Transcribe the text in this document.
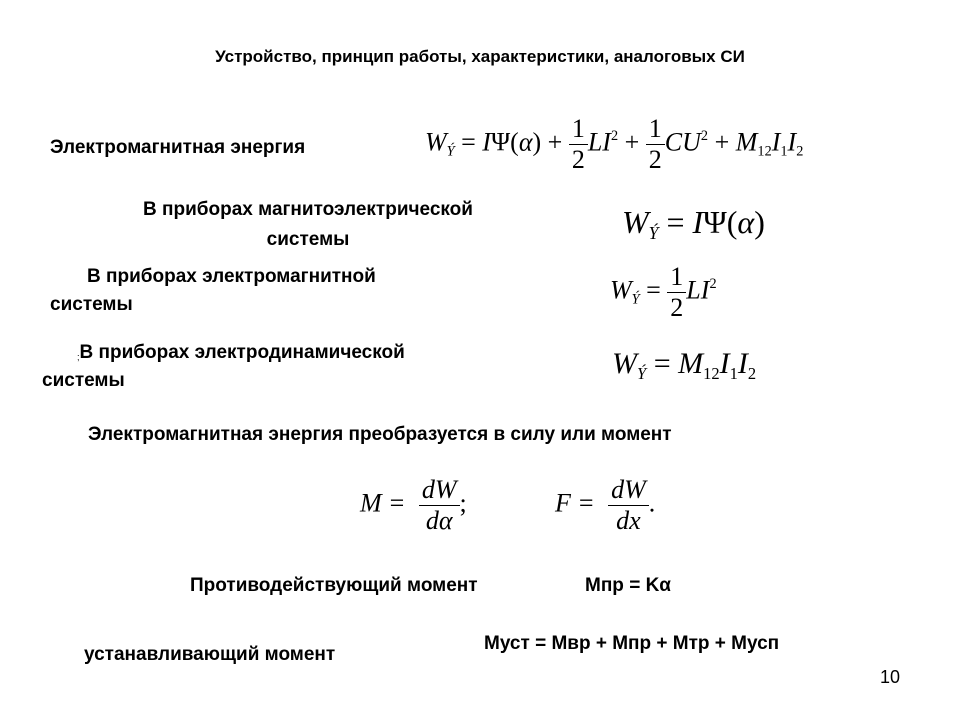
Устройство, принцип работы, характеристики, аналоговых СИ
Электромагнитная энергия	WÝ = $I\Psi(\alpha) + \frac{1}{2} LI^2 + \frac{1}{2} CU^2 + M_{12}I_1I_2$
В приборах магнитоэлектрической
системы	WÝ = IΨ(α)
В приборах электромагнитной
системы
WÝ = $\frac{1}{2} LI^2$
;В приборах электродинамической
системы
WÝ = $M_{12}I_1I_2$
Электромагнитная энергия преобразуется в силу или момент
$M = \frac{dW}{d\alpha}$ ;	$F = \frac{dW}{dx}$ .
Противодействующий момент	Мпр = Kα
устанавливающий момент
Муст = Мвр + Мпр + Мтр + Мусп
10
